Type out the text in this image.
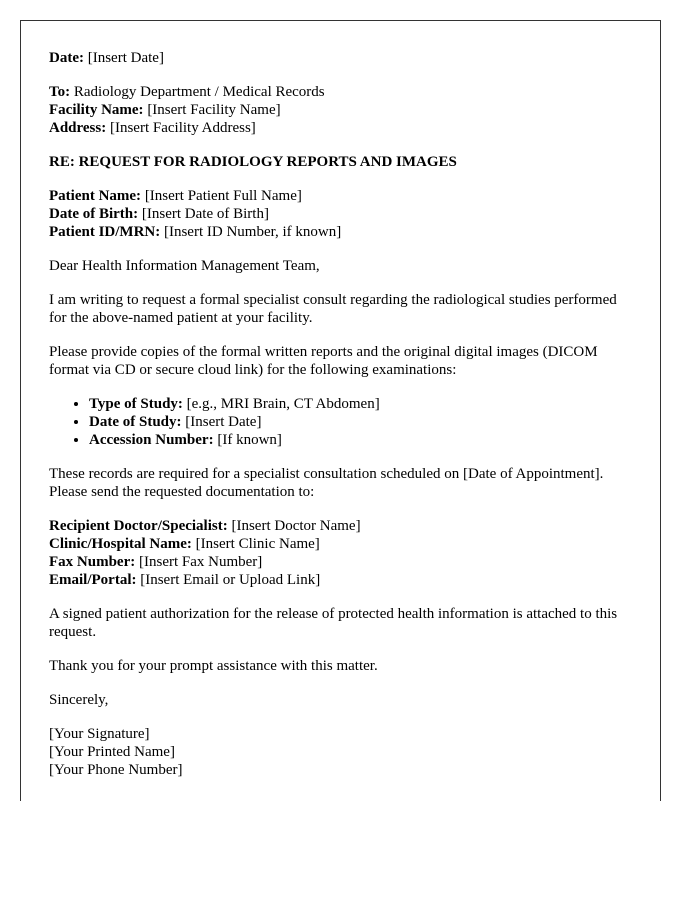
Date: [Insert Date]

To: Radiology Department / Medical Records
Facility Name: [Insert Facility Name]
Address: [Insert Facility Address]

RE: REQUEST FOR RADIOLOGY REPORTS AND IMAGES

Patient Name: [Insert Patient Full Name]
Date of Birth: [Insert Date of Birth]
Patient ID/MRN: [Insert ID Number, if known]

Dear Health Information Management Team,

I am writing to request a formal specialist consult regarding the radiological studies performed for the above-named patient at your facility.

Please provide copies of the formal written reports and the original digital images (DICOM format via CD or secure cloud link) for the following examinations:

• Type of Study: [e.g., MRI Brain, CT Abdomen]
• Date of Study: [Insert Date]
• Accession Number: [If known]

These records are required for a specialist consultation scheduled on [Date of Appointment]. Please send the requested documentation to:

Recipient Doctor/Specialist: [Insert Doctor Name]
Clinic/Hospital Name: [Insert Clinic Name]
Fax Number: [Insert Fax Number]
Email/Portal: [Insert Email or Upload Link]

A signed patient authorization for the release of protected health information is attached to this request.

Thank you for your prompt assistance with this matter.

Sincerely,

[Your Signature]
[Your Printed Name]
[Your Phone Number]
